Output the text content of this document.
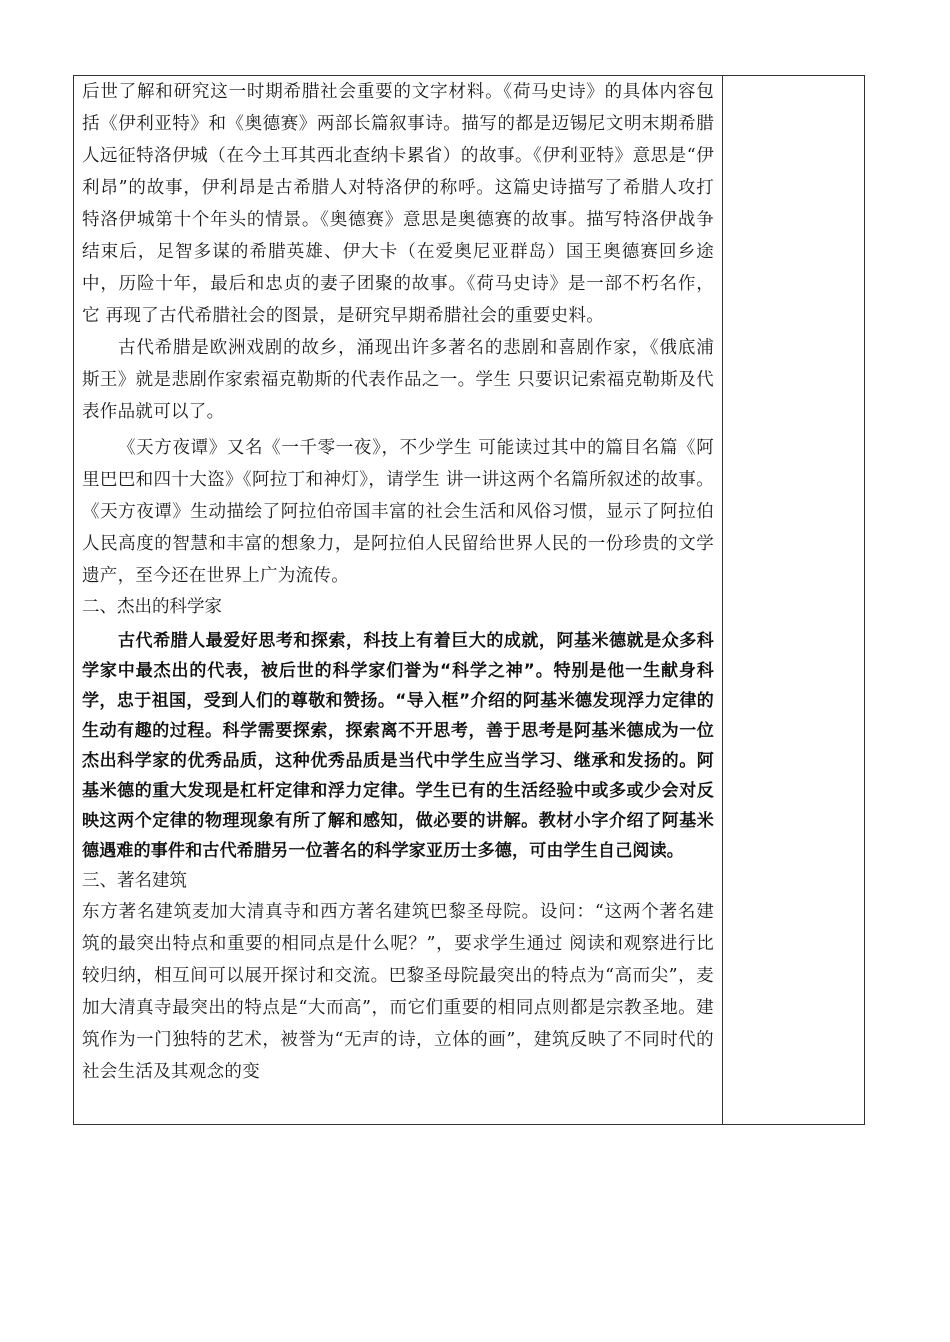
后世了解和研究这一时期希腊社会重要的文字材料。《荷马史诗》的具体内容包括《伊利亚特》和《奥德赛》两部长篇叙事诗。描写的都是迈锡尼文明末期希腊人远征特洛伊城（在今土耳其西北查纳卡累省）的故事。《伊利亚特》意思是“伊利昂”的故事，伊利昂是古希腊人对特洛伊的称呼。这篇史诗描写了希腊人攻打特洛伊城第十个年头的情景。《奥德赛》意思是奥德赛的故事。描写特洛伊战争结束后，足智多谋的希腊英雄、伊大卡（在爱奥尼亚群岛）国王奥德赛回乡途中，历险十年，最后和忠贞的妻子团聚的故事。《荷马史诗》是一部不朽名作，它 再现了古代希腊社会的图景，是研究早期希腊社会的重要史料。

古代希腊是欧洲戏剧的故乡，涌现出许多著名的悲剧和喜剧作家，《俄底浦斯王》就是悲剧作家索福克勒斯的代表作品之一。学生 只要识记索福克勒斯及代表作品就可以了。

《天方夜谭》又名《一千零一夜》，不少学生 可能读过其中的篇目名篇《阿里巴巴和四十大盗》《阿拉丁和神灯》，请学生 讲一讲这两个名篇所叙述的故事。《天方夜谭》生动描绘了阿拉伯帝国丰富的社会生活和风俗习惯，显示了阿拉伯人民高度的智慧和丰富的想象力，是阿拉伯人民留给世界人民的一份珍贵的文学遗产，至今还在世界上广为流传。

二、杰出的科学家

古代希腊人最爱好思考和探索，科技上有着巨大的成就，阿基米德就是众多科学家中最杰出的代表，被后世的科学家们誉为“科学之神”。特别是他一生献身科学，忠于祖国，受到人们的尊敬和赞扬。“导入框”介绍的阿基米德发现浮力定律的生动有趣的过程。科学需要探索，探索离不开思考，善于思考是阿基米德成为一位杰出科学家的优秀品质，这种优秀品质是当代中学生应当学习、继承和发扬的。阿基米德的重大发现是杠杆定律和浮力定律。学生已有的生活经验中或多或少会对反映这两个定律的物理现象有所了解和感知，做必要的讲解。教材小字介绍了阿基米德遇难的事件和古代希腊另一位著名的科学家亚历士多德，可由学生自己阅读。

三、著名建筑

东方著名建筑麦加大清真寺和西方著名建筑巴黎圣母院。设问：“这两个著名建筑的最突出特点和重要的相同点是什么呢？”，要求学生通过 阅读和观察进行比较归纳，相互间可以展开探讨和交流。巴黎圣母院最突出的特点为“高而尖”，麦加大清真寺最突出的特点是“大而高”，而它们重要的相同点则都是宗教圣地。建筑作为一门独特的艺术，被誉为“无声的诗，立体的画”，建筑反映了不同时代的社会生活及其观念的变
